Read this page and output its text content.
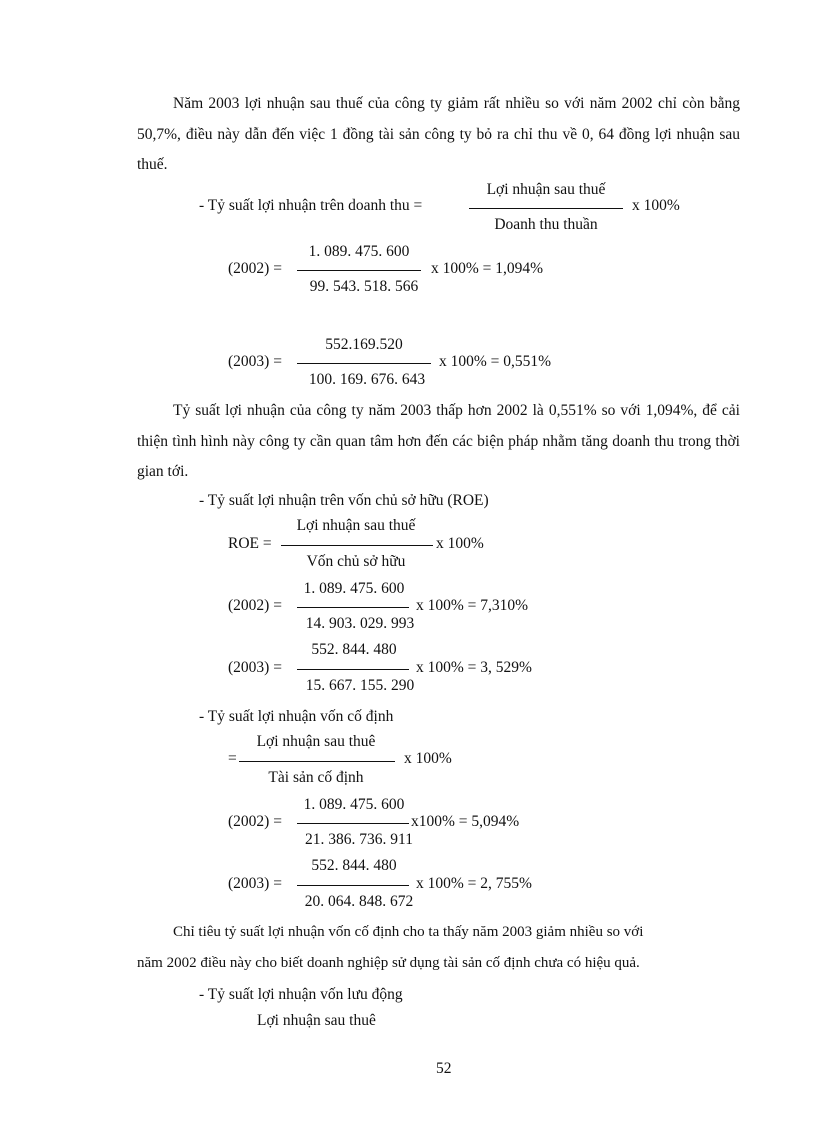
Năm 2003 lợi nhuận sau thuế của công ty giảm rất nhiều so với năm 2002 chỉ còn bằng 50,7%, điều này dẫn đến việc 1 đồng tài sản công ty bỏ ra chỉ thu về 0, 64 đồng lợi nhuận sau thuế.
- Tỷ suất lợi nhuận trên doanh thu =
Lợi nhuận sau thuế
Doanh thu thuần
x 100%
(2002) =
1. 089. 475. 600
99. 543. 518. 566
x 100% = 1,094%
(2003) =
552.169.520
100. 169. 676. 643
x 100% = 0,551%
Tỷ suất lợi nhuận của công ty năm 2003 thấp hơn 2002 là 0,551% so với 1,094%, để cải thiện tình hình này công ty cần quan tâm hơn đến các biện pháp nhằm tăng doanh thu trong thời gian tới.
- Tỷ suất lợi nhuận trên vốn chủ sở hữu (ROE)
ROE =
Lợi nhuận sau thuế
Vốn chủ sở hữu
x 100%
(2002) =
1. 089. 475. 600
14. 903. 029. 993
x 100% = 7,310%
(2003) =
552. 844. 480
15. 667. 155. 290
x 100% = 3, 529%
- Tỷ suất lợi nhuận vốn cố định
=
Lợi nhuận sau thuê
Tài sản cố định
x 100%
(2002) =
1. 089. 475. 600
21. 386. 736. 911
x100% = 5,094%
(2003) =
552. 844. 480
20. 064. 848. 672
x 100% = 2, 755%
Chỉ tiêu tỷ suất lợi nhuận vốn cố định cho ta thấy năm 2003 giảm nhiều so với
năm 2002 điều này cho biết doanh nghiệp sử dụng tài sản cố định chưa có hiệu quả.
- Tỷ suất lợi nhuận vốn lưu động
Lợi nhuận sau thuê
52
